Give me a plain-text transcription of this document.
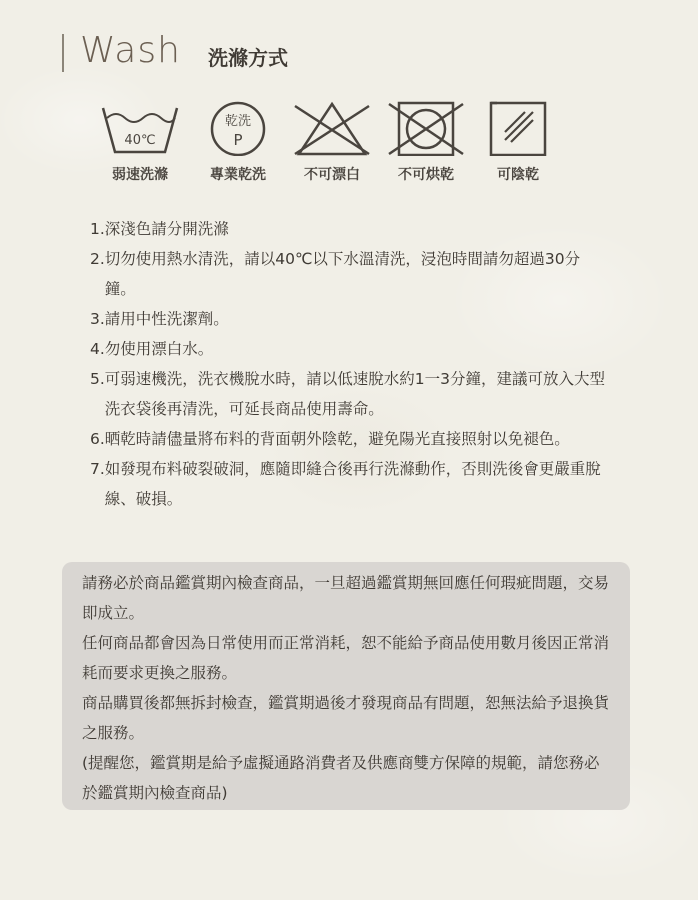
Wash 洗滌方式
40℃
弱速洗滌
乾洗
P
專業乾洗	不可漂白	不可烘乾	可陰乾
1. 深淺色請分開洗滌
2. 切勿使用熱水清洗，請以40℃以下水溫清洗，浸泡時間請勿超過30分鐘。
3. 請用中性洗潔劑。
4. 勿使用漂白水。
5. 可弱速機洗，洗衣機脫水時，請以低速脫水約1一3分鐘，建議可放入大型洗衣袋後再清洗，可延長商品使用壽命。
6. 晒乾時請儘量將布料的背面朝外陰乾，避免陽光直接照射以免褪色。
7. 如發現布料破裂破洞，應隨即縫合後再行洗滌動作，否則洗後會更嚴重脫線、破損。

請務必於商品鑑賞期內檢查商品，一旦超過鑑賞期無回應任何瑕疵問題，交易即成立。

任何商品都會因為日常使用而正常消耗，恕不能給予商品使用數月後因正常消耗而要求更換之服務。

商品購買後都無拆封檢查，鑑賞期過後才發現商品有問題，恕無法給予退換貨之服務。

(提醒您，鑑賞期是給予虛擬通路消費者及供應商雙方保障的規範，請您務必於鑑賞期內檢查商品)
